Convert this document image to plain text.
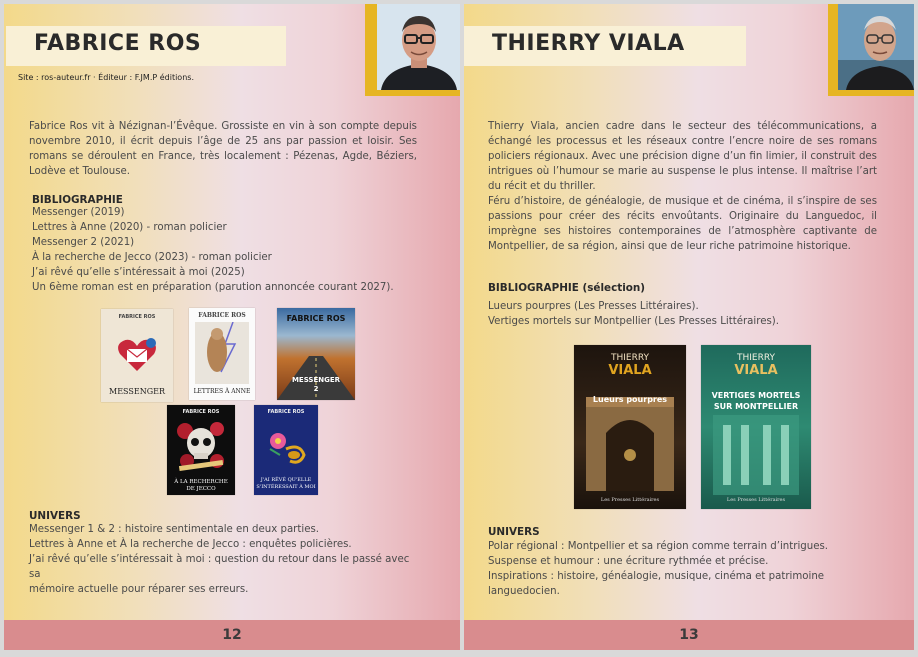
FABRICE ROS
Site : ros-auteur.fr · Éditeur : F.JM.P éditions.
Fabrice Ros vit à Nézignan-l’Évêque. Grossiste en vin à son compte depuis novembre 2010, il écrit depuis l’âge de 25 ans par passion et loisir. Ses romans se déroulent en France, très localement : Pézenas, Agde, Béziers, Lodève et Toulouse.
BIBLIOGRAPHIE
Messenger (2019)
Lettres à Anne (2020) - roman policier
Messenger 2 (2021)
À la recherche de Jecco (2023) - roman policier
J’ai rêvé qu’elle s’intéressait à moi (2025)
Un 6ème roman est en préparation (parution annoncée courant 2027).
FABRICE ROS
MESSENGER
FABRICE ROS
LETTRES À ANNE
FABRICE ROS
MESSENGER
2
FABRICE ROS
À LA RECHERCHE
DE JECCO
FABRICE ROS
J'AI RÊVÉ QU'ELLE
S'INTÉRESSAIT À MOI
UNIVERS
Messenger 1 & 2 : histoire sentimentale en deux parties.
Lettres à Anne et À la recherche de Jecco : enquêtes policières.
J’ai rêvé qu’elle s’intéressait à moi : question du retour dans le passé avec
sa
mémoire actuelle pour réparer ses erreurs.
12
THIERRY VIALA
Thierry Viala, ancien cadre dans le secteur des télécommunications, a échangé les processus et les réseaux contre l’encre noire de ses romans policiers régionaux. Avec une précision digne d’un fin limier, il construit des intrigues où l’humour se marie au suspense le plus intense. Il maîtrise l’art du récit et du thriller.
Féru d’histoire, de généalogie, de musique et de cinéma, il s’inspire de ses passions pour créer des récits envoûtants. Originaire du Languedoc, il imprègne ses histoires contemporaines de l’atmosphère captivante de Montpellier, de sa région, ainsi que de leur riche patrimoine historique.
BIBLIOGRAPHIE (sélection)
Lueurs pourpres (Les Presses Littéraires).
Vertiges mortels sur Montpellier (Les Presses Littéraires).
THIERRY
VIALA
Lueurs pourpres
Les Presses Littéraires
THIERRY
VIALA
VERTIGES MORTELS
SUR MONTPELLIER
Les Presses Littéraires
UNIVERS
Polar régional : Montpellier et sa région comme terrain d’intrigues.
Suspense et humour : une écriture rythmée et précise.
Inspirations : histoire, généalogie, musique, cinéma et patrimoine
languedocien.
13
